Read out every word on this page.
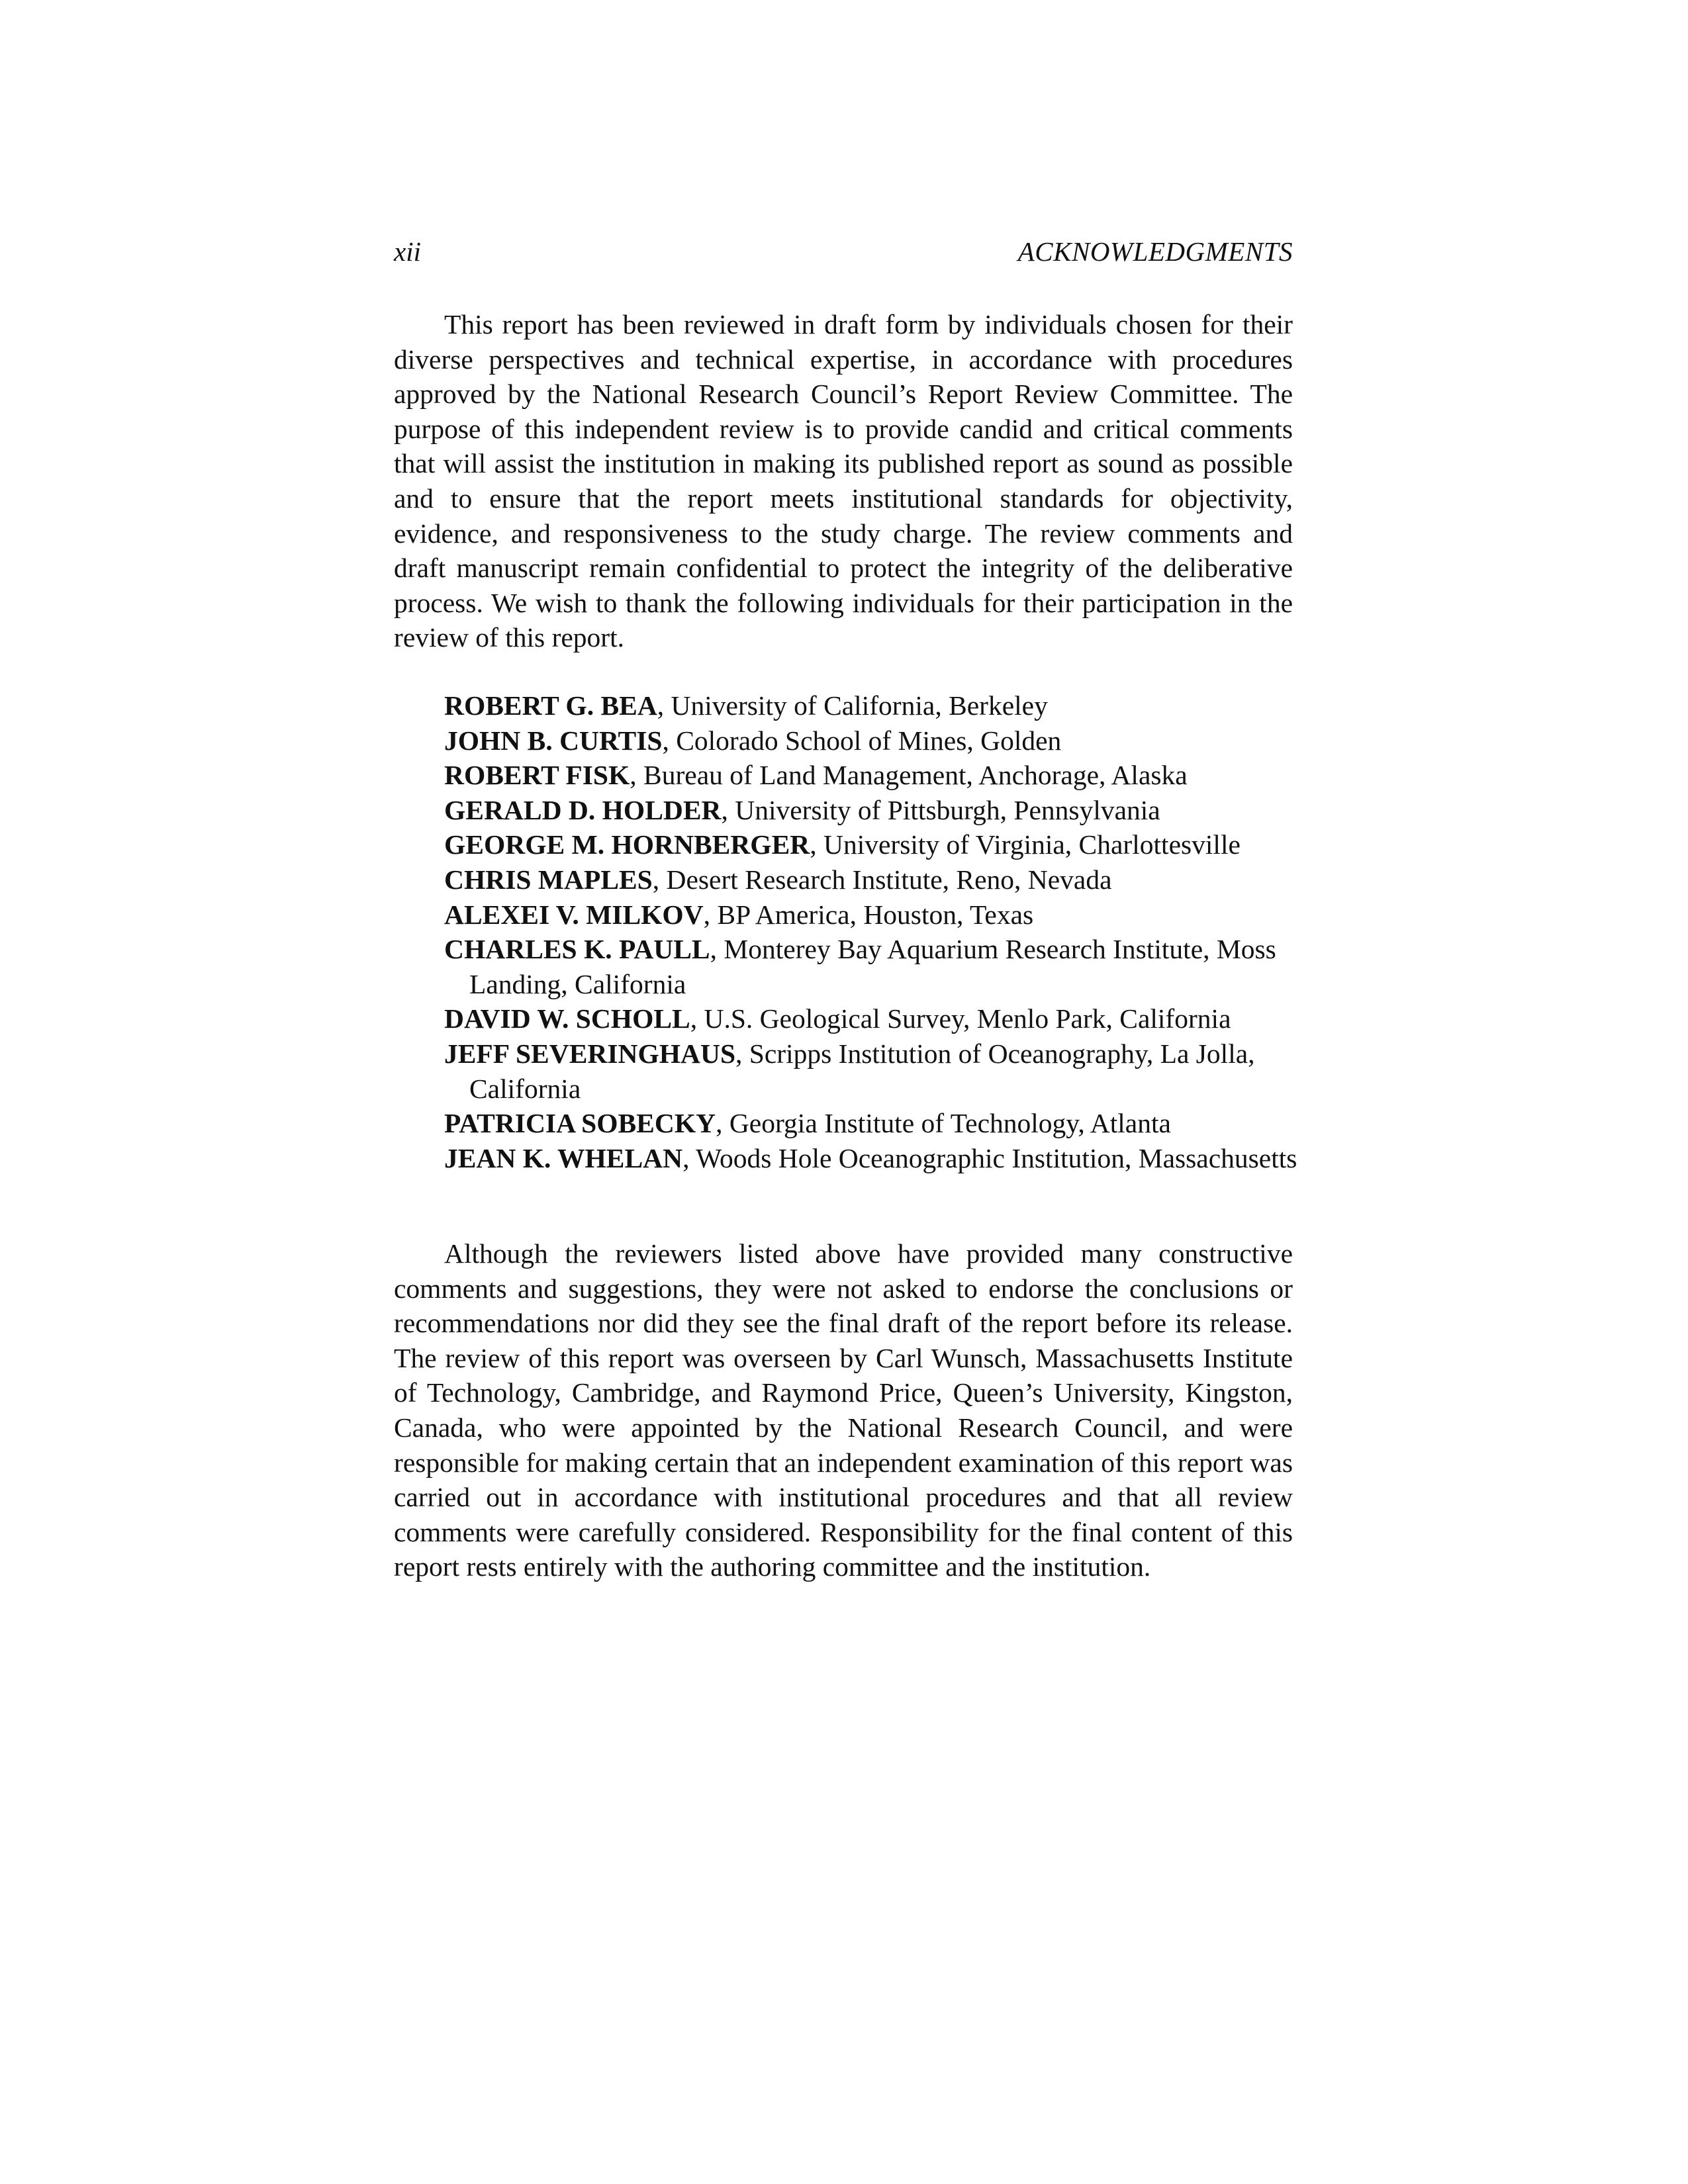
xii	ACKNOWLEDGMENTS

This report has been reviewed in draft form by individuals chosen for their diverse perspectives and technical expertise, in accordance with procedures approved by the National Research Council’s Report Review Committee. The purpose of this independent review is to provide candid and critical comments that will assist the institution in making its published report as sound as possible and to ensure that the report meets institutional standards for objectivity, evidence, and responsiveness to the study charge. The review comments and draft manuscript remain confidential to protect the integrity of the deliberative process. We wish to thank the following individuals for their participation in the review of this report.

ROBERT G. BEA, University of California, Berkeley
JOHN B. CURTIS, Colorado School of Mines, Golden
ROBERT FISK, Bureau of Land Management, Anchorage, Alaska
GERALD D. HOLDER, University of Pittsburgh, Pennsylvania
GEORGE M. HORNBERGER, University of Virginia, Charlottesville
CHRIS MAPLES, Desert Research Institute, Reno, Nevada
ALEXEI V. MILKOV, BP America, Houston, Texas
CHARLES K. PAULL, Monterey Bay Aquarium Research Institute, Moss Landing, California
DAVID W. SCHOLL, U.S. Geological Survey, Menlo Park, California
JEFF SEVERINGHAUS, Scripps Institution of Oceanography, La Jolla, California
PATRICIA SOBECKY, Georgia Institute of Technology, Atlanta
JEAN K. WHELAN, Woods Hole Oceanographic Institution, Massachusetts

Although the reviewers listed above have provided many constructive comments and suggestions, they were not asked to endorse the conclusions or recommendations nor did they see the final draft of the report before its release. The review of this report was overseen by Carl Wunsch, Massachusetts Institute of Technology, Cambridge, and Raymond Price, Queen’s University, Kingston, Canada, who were appointed by the National Research Council, and were responsible for making certain that an independent examination of this report was carried out in accordance with institutional procedures and that all review comments were carefully considered. Responsibility for the final content of this report rests entirely with the authoring committee and the institution.
